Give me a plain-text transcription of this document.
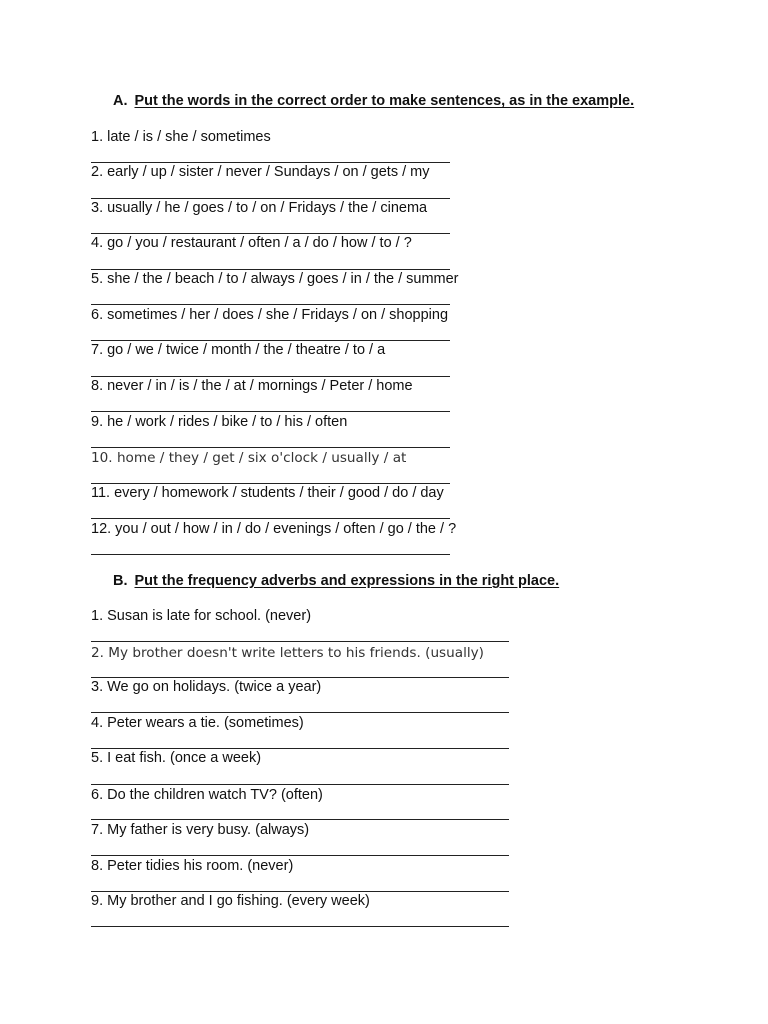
A. Put the words in the correct order to make sentences, as in the example.
1. late / is / she / sometimes
2. early / up / sister / never / Sundays / on / gets / my
3. usually / he / goes / to / on / Fridays / the / cinema
4. go / you / restaurant / often / a / do / how / to / ?
5. she / the / beach / to / always / goes / in / the / summer
6. sometimes / her / does / she / Fridays / on / shopping
7. go / we / twice / month / the / theatre / to / a
8. never / in / is / the / at / mornings / Peter / home
9. he / work / rides / bike / to / his / often
10. home / they / get / six o'clock / usually / at
11. every / homework / students / their / good / do / day
12. you / out / how / in / do / evenings / often / go / the / ?
B. Put the frequency adverbs and expressions in the right place.
1. Susan is late for school. (never)
2. My brother doesn't write letters to his friends. (usually)
3. We go on holidays. (twice a year)
4. Peter wears a tie. (sometimes)
5. I eat fish. (once a week)
6. Do the children watch TV? (often)
7. My father is very busy. (always)
8. Peter tidies his room. (never)
9. My brother and I go fishing. (every week)
